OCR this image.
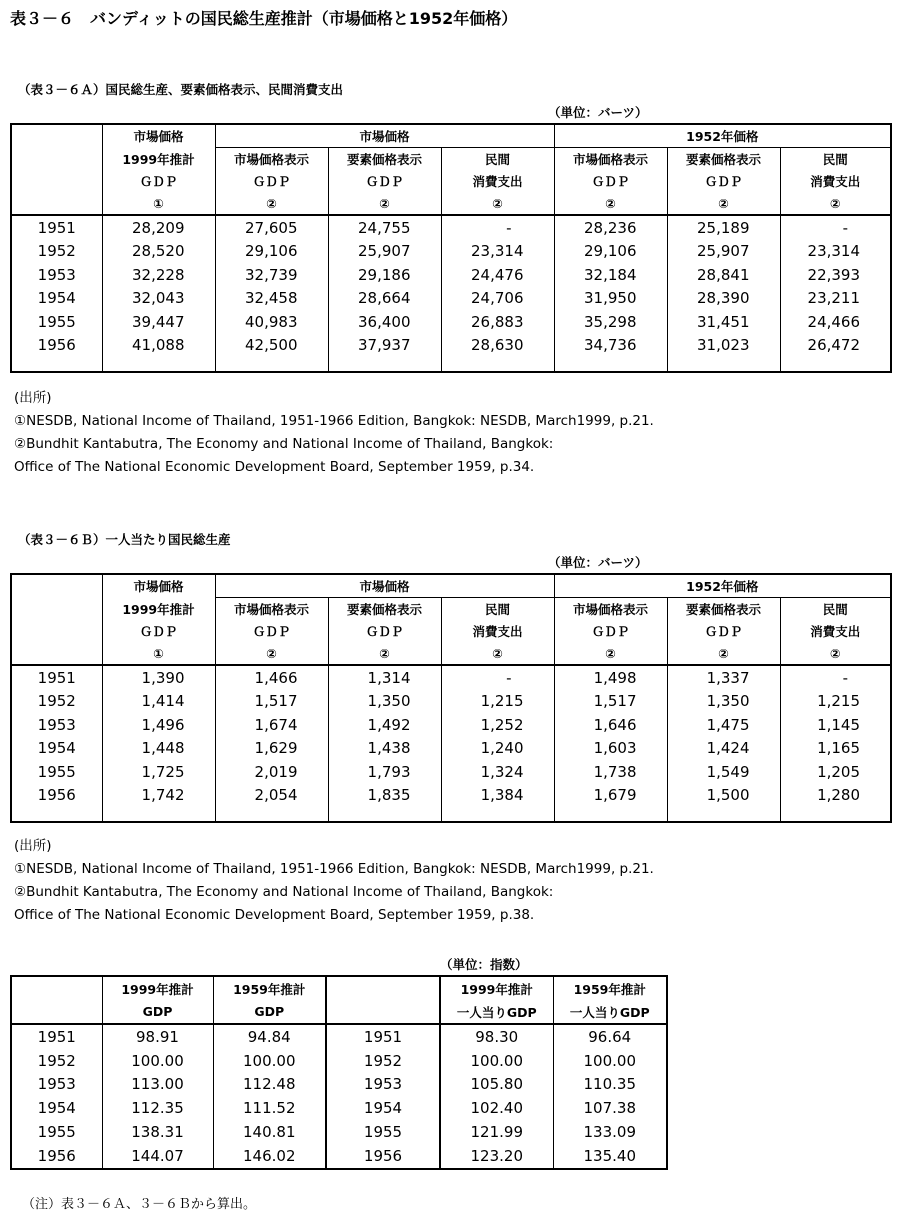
表３－６　バンディットの国民総生産推計（市場価格と1952年価格）
（表３－６Ａ）国民総生産、要素価格表示、民間消費支出
（単位：バーツ）
	市場価格	市場価格			1952年価格		
	1999年推計	市場価格表示	要素価格表示	民間	市場価格表示	要素価格表示	民間
	ＧＤＰ	ＧＤＰ	ＧＤＰ	消費支出	ＧＤＰ	ＧＤＰ	消費支出
	①	②	②	②	②	②	②
1951	28,209	27,605	24,755	-	28,236	25,189	-
1952	28,520	29,106	25,907	23,314	29,106	25,907	23,314
1953	32,228	32,739	29,186	24,476	32,184	28,841	22,393
1954	32,043	32,458	28,664	24,706	31,950	28,390	23,211
1955	39,447	40,983	36,400	26,883	35,298	31,451	24,466
1956	41,088	42,500	37,937	28,630	34,736	31,023	26,472
(出所)
①NESDB, National Income of Thailand, 1951-1966 Edition, Bangkok: NESDB, March1999, p.21.
②Bundhit Kantabutra, The Economy and National Income of Thailand, Bangkok:
Office of The National Economic Development Board, September 1959, p.34.
（表３－６Ｂ）一人当たり国民総生産
（単位：バーツ）
	市場価格	市場価格			1952年価格		
	1999年推計	市場価格表示	要素価格表示	民間	市場価格表示	要素価格表示	民間
	ＧＤＰ	ＧＤＰ	ＧＤＰ	消費支出	ＧＤＰ	ＧＤＰ	消費支出
	①	②	②	②	②	②	②
1951	1,390	1,466	1,314	-	1,498	1,337	-
1952	1,414	1,517	1,350	1,215	1,517	1,350	1,215
1953	1,496	1,674	1,492	1,252	1,646	1,475	1,145
1954	1,448	1,629	1,438	1,240	1,603	1,424	1,165
1955	1,725	2,019	1,793	1,324	1,738	1,549	1,205
1956	1,742	2,054	1,835	1,384	1,679	1,500	1,280
(出所)
①NESDB, National Income of Thailand, 1951-1966 Edition, Bangkok: NESDB, March1999, p.21.
②Bundhit Kantabutra, The Economy and National Income of Thailand, Bangkok:
Office of The National Economic Development Board, September 1959, p.38.
（単位：指数）
	1999年推計	1959年推計		1999年推計	1959年推計
	GDP	GDP		一人当りGDP	一人当りGDP
1951	98.91	94.84	1951	98.30	96.64
1952	100.00	100.00	1952	100.00	100.00
1953	113.00	112.48	1953	105.80	110.35
1954	112.35	111.52	1954	102.40	107.38
1955	138.31	140.81	1955	121.99	133.09
1956	144.07	146.02	1956	123.20	135.40
（注）表３－６Ａ、３－６Ｂから算出。
